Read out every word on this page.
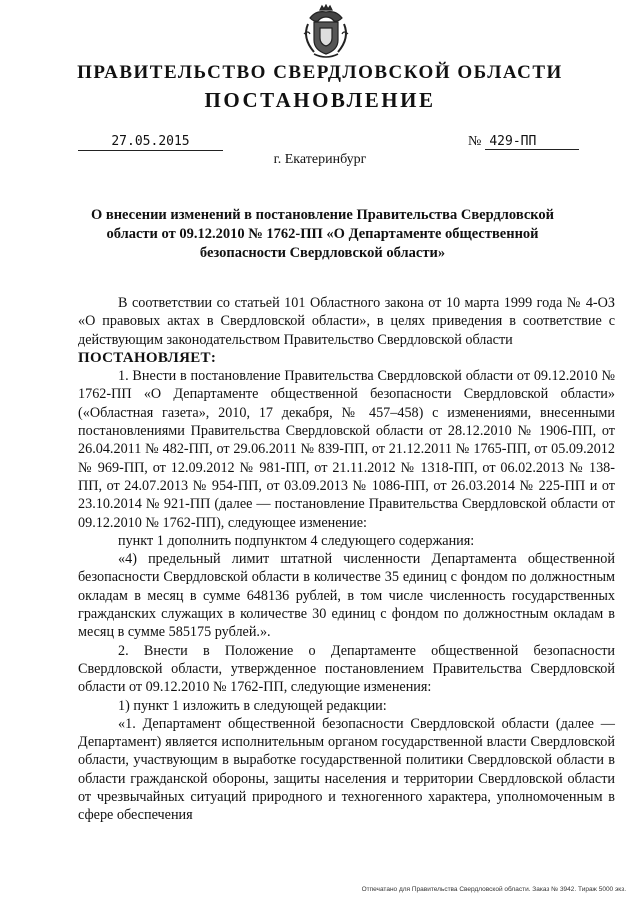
ПРАВИТЕЛЬСТВО СВЕРДЛОВСКОЙ ОБЛАСТИ
ПОСТАНОВЛЕНИЕ
27.05.2015	№ 429-ПП
г. Екатеринбург
О внесении изменений в постановление Правительства Свердловской области от 09.12.2010 № 1762-ПП «О Департаменте общественной безопасности Свердловской области»

В соответствии со статьей 101 Областного закона от 10 марта 1999 года № 4-ОЗ «О правовых актах в Свердловской области», в целях приведения в соответствие с действующим законодательством Правительство Свердловской области

ПОСТАНОВЛЯЕТ:

1. Внести в постановление Правительства Свердловской области от 09.12.2010 № 1762-ПП «О Департаменте общественной безопасности Свердловской области» («Областная газета», 2010, 17 декабря, № 457–458) с изменениями, внесенными постановлениями Правительства Свердловской области от 28.12.2010 № 1906-ПП, от 26.04.2011 № 482-ПП, от 29.06.2011 № 839-ПП, от 21.12.2011 № 1765-ПП, от 05.09.2012 № 969-ПП, от 12.09.2012 № 981-ПП, от 21.11.2012 № 1318-ПП, от 06.02.2013 № 138-ПП, от 24.07.2013 № 954-ПП, от 03.09.2013 № 1086-ПП, от 26.03.2014 № 225-ПП и от 23.10.2014 № 921-ПП (далее — постановление Правительства Свердловской области от 09.12.2010 № 1762-ПП), следующее изменение:

пункт 1 дополнить подпунктом 4 следующего содержания:

«4) предельный лимит штатной численности Департамента общественной безопасности Свердловской области в количестве 35 единиц с фондом по должностным окладам в месяц в сумме 648136 рублей, в том числе численность государственных гражданских служащих в количестве 30 единиц с фондом по должностным окладам в месяц в сумме 585175 рублей.».

2. Внести в Положение о Департаменте общественной безопасности Свердловской области, утвержденное постановлением Правительства Свердловской области от 09.12.2010 № 1762-ПП, следующие изменения:

1) пункт 1 изложить в следующей редакции:

«1. Департамент общественной безопасности Свердловской области (далее — Департамент) является исполнительным органом государственной власти Свердловской области, участвующим в выработке государственной политики Свердловской области в области гражданской обороны, защиты населения и территории Свердловской области от чрезвычайных ситуаций природного и техногенного характера, уполномоченным в сфере обеспечения

Отпечатано для Правительства Свердловской области. Заказ № 3942. Тираж 5000 экз.
